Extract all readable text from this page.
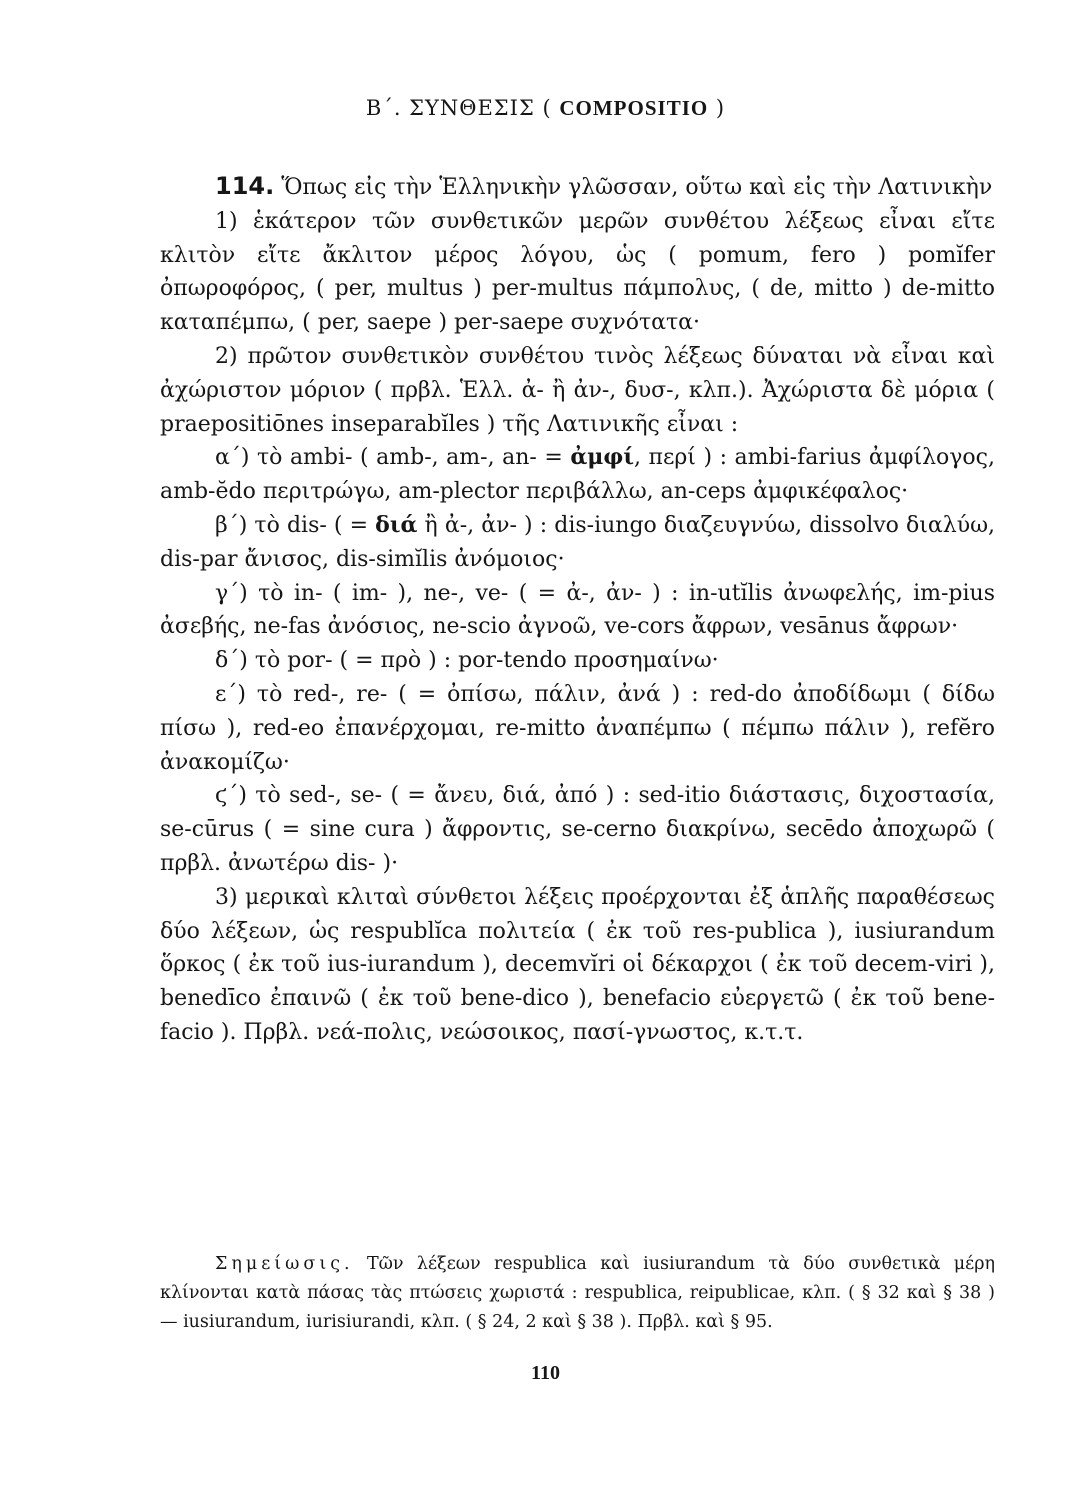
Β΄. ΣΥΝΘΕΣΙΣ ( COMPOSITIO )

114. Ὅπως εἰς τὴν Ἑλληνικὴν γλῶσσαν, οὕτω καὶ εἰς τὴν Λατινικὴν

1) ἑκάτερον τῶν συνθετικῶν μερῶν συνθέτου λέξεως εἶναι εἴτε κλιτὸν εἴτε ἄκλιτον μέρος λόγου, ὡς ( pomum, fero ) pomĭfer ὀπωροφόρος, ( per, multus ) per-multus πάμπολυς, ( de, mitto ) de-mitto καταπέμπω, ( per, saepe ) per-saepe συχνότατα·

2) πρῶτον συνθετικὸν συνθέτου τινὸς λέξεως δύναται νὰ εἶναι καὶ ἀχώριστον μόριον ( πρβλ. Ἑλλ. ἀ- ἢ ἀν-, δυσ-, κλπ.). Ἀχώριστα δὲ μόρια ( praepositiōnes inseparabĭles ) τῆς Λατινικῆς εἶναι :

α΄) τὸ ambi- ( amb-, am-, an- = ἀμφί, περί ) : ambi-farius ἀμφίλογος, amb-ĕdo περιτρώγω, am-plector περιβάλλω, an-ceps ἀμφικέφαλος·

β΄) τὸ dis- ( = διά ἢ ἀ-, ἀν- ) : dis-iungo διαζευγνύω, dissolvo διαλύω, dis-par ἄνισος, dis-simĭlis ἀνόμοιος·

γ΄) τὸ in- ( im- ), ne-, ve- ( = ἀ-, ἀν- ) : in-utĭlis ἀνωφελής, im-pius ἀσεβής, ne-fas ἀνόσιος, ne-scio ἀγνοῶ, ve-cors ἄφρων, vesānus ἄφρων·

δ΄) τὸ por- ( = πρὸ ) : por-tendo προσημαίνω·

ε΄) τὸ red-, re- ( = ὀπίσω, πάλιν, ἀνά ) : red-do ἀποδίδωμι ( δίδω πίσω ), red-eo ἐπανέρχομαι, re-mitto ἀναπέμπω ( πέμπω πάλιν ), refĕro ἀνακομίζω·

ϛ΄) τὸ sed-, se- ( = ἄνευ, διά, ἀπό ) : sed-itio διάστασις, διχοστασία, se-cūrus ( = sine cura ) ἄφροντις, se-cerno διακρίνω, secēdo ἀποχωρῶ ( πρβλ. ἀνωτέρω dis- )·

3) μερικαὶ κλιταὶ σύνθετοι λέξεις προέρχονται ἐξ ἁπλῆς παραθέσεως δύο λέξεων, ὡς respublĭca πολιτεία ( ἐκ τοῦ res-publica ), iusiurandum ὅρκος ( ἐκ τοῦ ius-iurandum ), decemvĭri οἱ δέκαρχοι ( ἐκ τοῦ decem-viri ), benedīco ἐπαινῶ ( ἐκ τοῦ bene-dico ), benefacio εὐεργετῶ ( ἐκ τοῦ bene-facio ). Πρβλ. νεά-πολις, νεώσοικος, πασί-γνωστος, κ.τ.τ.

Σημείωσις. Τῶν λέξεων respublica καὶ iusiurandum τὰ δύο συνθετικὰ μέρη κλίνονται κατὰ πάσας τὰς πτώσεις χωριστά : respublica, reipublicae, κλπ. ( § 32 καὶ § 38 ) — iusiurandum, iurisiurandi, κλπ. ( § 24, 2 καὶ § 38 ). Πρβλ. καὶ § 95.
110
